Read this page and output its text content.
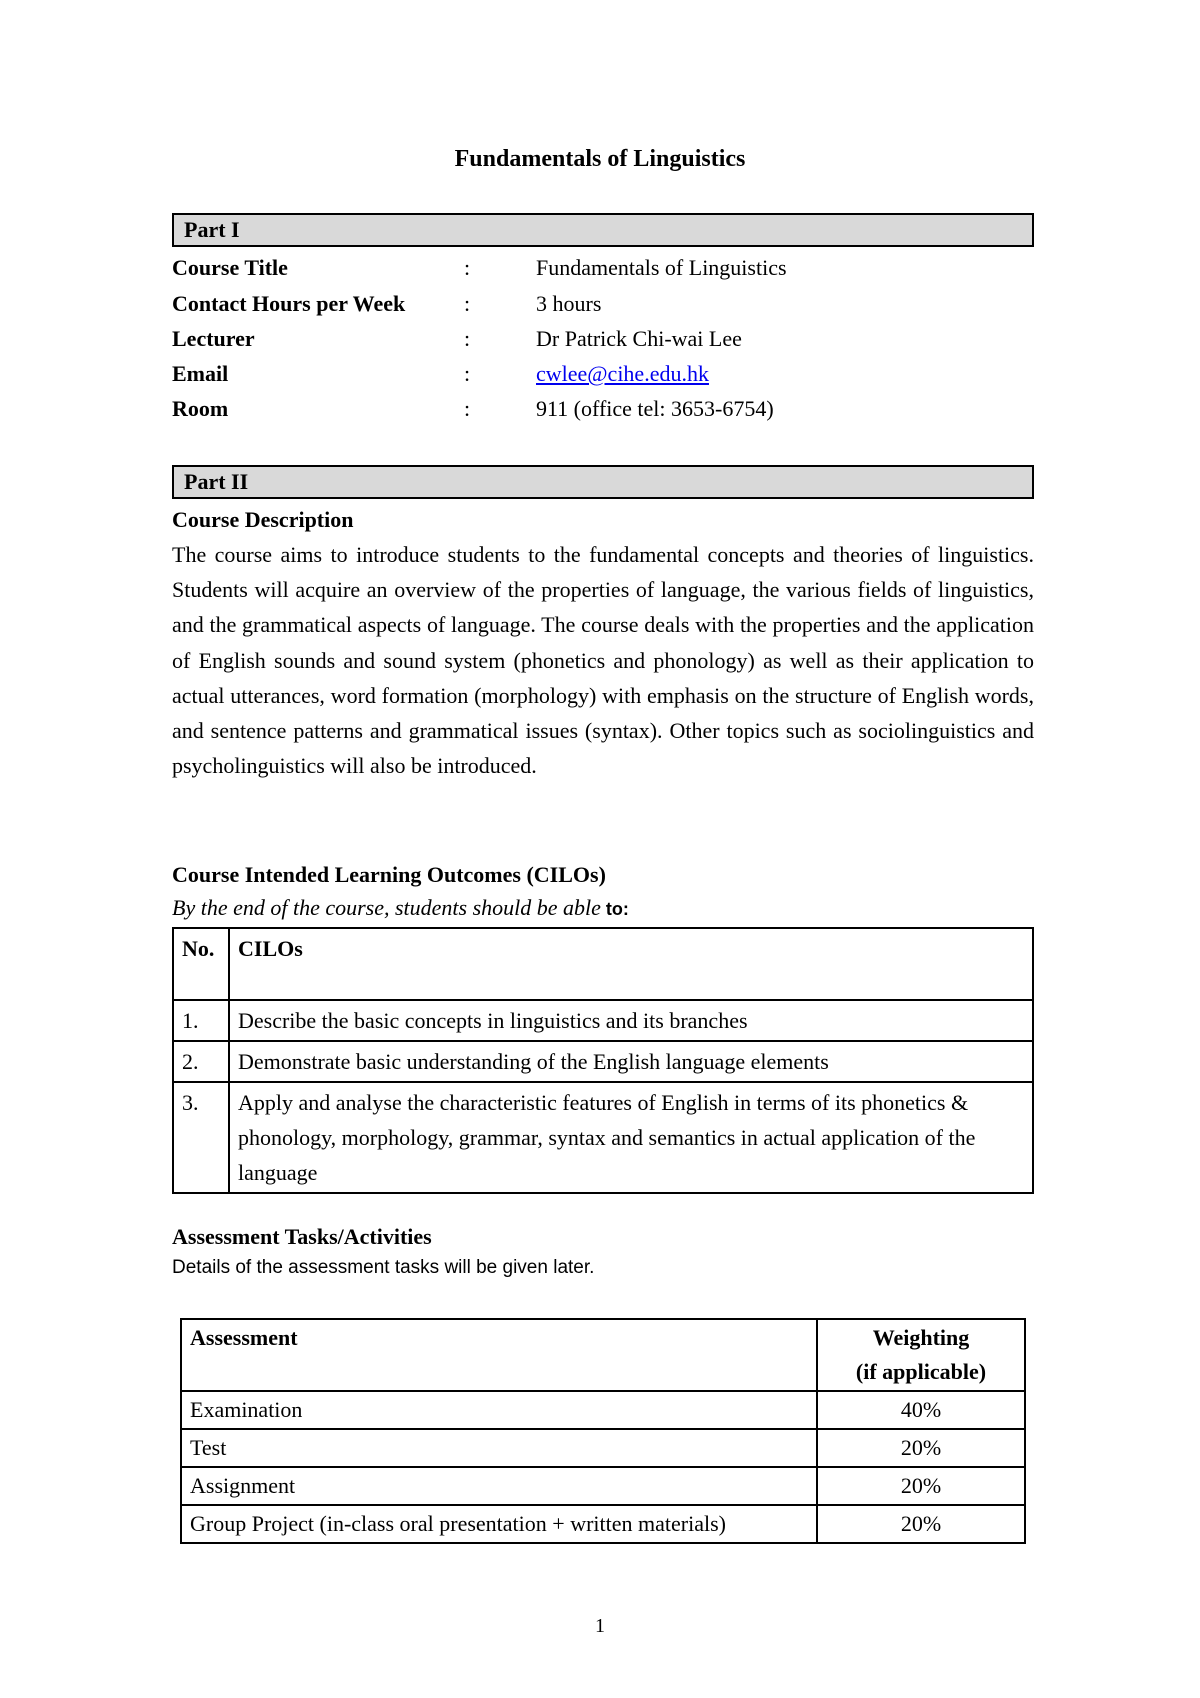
Fundamentals of Linguistics
Part I
Course Title	:	Fundamentals of Linguistics
Contact Hours per Week	:	3 hours
Lecturer	:	Dr Patrick Chi-wai Lee
Email	:	cwlee@cihe.edu.hk
Room	:	911 (office tel: 3653-6754)
Part II
Course Description

The course aims to introduce students to the fundamental concepts and theories of linguistics. Students will acquire an overview of the properties of language, the various fields of linguistics, and the grammatical aspects of language. The course deals with the properties and the application of English sounds and sound system (phonetics and phonology) as well as their application to actual utterances, word formation (morphology) with emphasis on the structure of English words, and sentence patterns and grammatical issues (syntax). Other topics such as sociolinguistics and psycholinguistics will also be introduced.

Course Intended Learning Outcomes (CILOs)
By the end of the course, students should be able to:
No.	CILOs
1.	Describe the basic concepts in linguistics and its branches
2.	Demonstrate basic understanding of the English language elements
3.	Apply and analyse the characteristic features of English in terms of its phonetics & phonology, morphology, grammar, syntax and semantics in actual application of the language
Assessment Tasks/Activities
Details of the assessment tasks will be given later.
Assessment	Weighting
(if applicable)

Examination	40%
Test	20%
Assignment	20%
Group Project (in-class oral presentation + written materials)	20%
1
